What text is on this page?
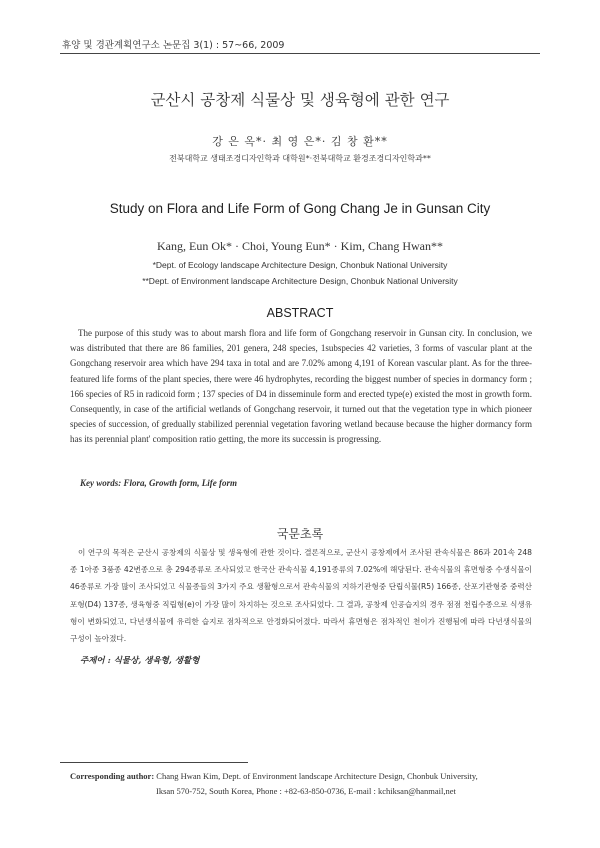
휴양 및 경관계획연구소 논문집 3(1) : 57~66, 2009
군산시 공창제 식물상 및 생육형에 관한 연구
강 은 옥*· 최 영 은*· 김 창 환**
전북대학교 생태조경디자인학과 대학원*·전북대학교 환경조경디자인학과**
Study on Flora and Life Form of Gong Chang Je in Gunsan City
Kang, Eun Ok* · Choi, Young Eun* · Kim, Chang Hwan**
*Dept. of Ecology landscape Architecture Design, Chonbuk National University
**Dept. of Environment landscape Architecture Design, Chonbuk National University
ABSTRACT

The purpose of this study was to about marsh flora and life form of Gongchang reservoir in Gunsan city. In conclusion, we was distributed that there are 86 families, 201 genera, 248 species, 1subspecies 42 varieties, 3 forms of vascular plant at the Gongchang reservoir area which have 294 taxa in total and are 7.02% among 4,191 of Korean vascular plant. As for the three-featured life forms of the plant species, there were 46 hydrophytes, recording the biggest number of species in dormancy form ; 166 species of R5 in radicoid form ; 137 species of D4 in disseminule form and erected type(e) existed the most in growth form. Consequently, in case of the artificial wetlands of Gongchang reservoir, it turned out that the vegetation type in which pioneer species of succession, of gredually stabilized perennial vegetation favoring wetland because because the higher dormancy form has its perennial plant' composition ratio getting, the more its successin is progressing.

Key words: Flora, Growth form, Life form
국문초록

이 연구의 목적은 군산시 공창제의 식물상 및 생육형에 관한 것이다. 결론적으로, 군산시 공창제에서 조사된 관속식물은 86과 201속 248종 1아종 3품종 42변종으로 총 294종류로 조사되었고 한국산 관속식물 4,191종류의 7.02%에 해당된다. 관속식물의 휴면형중 수생식물이 46종류로 가장 많이 조사되었고 식물종들의 3가지 주요 생활형으로서 관속식물의 지하기관형중 단립식물(R5) 166종, 산포기관형중 중력산포형(D4) 137종, 생육형중 직립형(e)이 가장 많이 차지하는 것으로 조사되었다. 그 결과, 공창제 인공습지의 경우 점점 천립수종으로 식생유형이 변화되었고, 다년생식물에 유리한 습지로 점차적으로 안정화되어졌다. 따라서 휴면형은 점차적인 천이가 진행됨에 따라 다년생식물의 구성이 높아졌다.

주제어 : 식물상, 생육형, 생활형
Corresponding author: Chang Hwan Kim, Dept. of Environment landscape Architecture Design, Chonbuk University,
Iksan 570-752, South Korea, Phone : +82-63-850-0736, E-mail : kchiksan@hanmail,net
